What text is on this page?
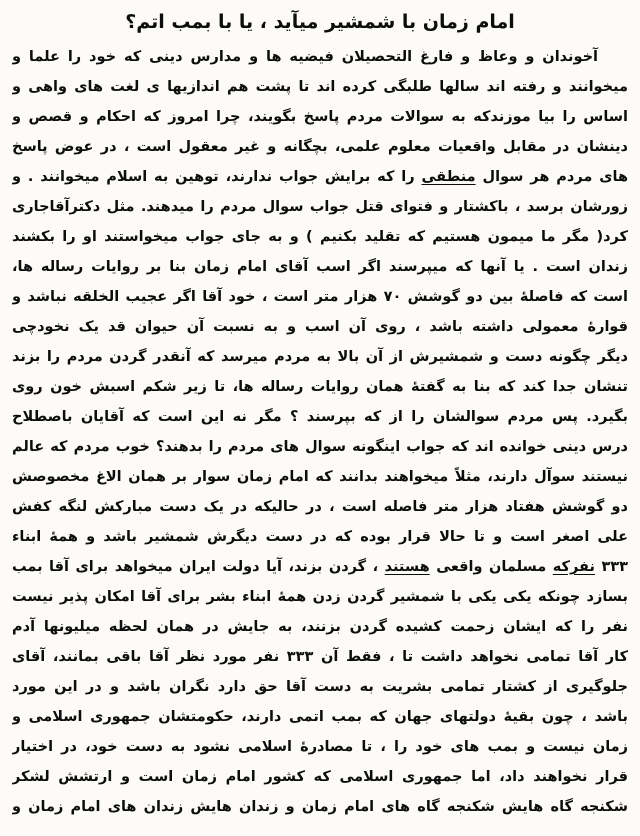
امام زمان با شمشیر میآید ، یا با بمب اتم؟
آخوندان و وعاظ و فارغ التحصیلان فیضیه ها و مدارس دینی که خود را علما و
میخوانند و رفته اند سالها طلبگی کرده اند تا پشت هم اندازیها ی لغت های واهی و
اساس را بیا موزندکه به سوالات مردم پاسخ بگویند، چرا امروز که احکام و قصص و
دینشان در مقابل واقعیات معلوم علمی، بچگانه و غیر معقول است ، در عوض پاسخ
های مردم هر سوال منطقی را که برایش جواب ندارند، توهین به اسلام میخوانند . و
زورشان برسد ، باکشتار و فتوای قتل جواب سوال مردم را میدهند. مثل دکترآقاجاری
کرد( مگر ما میمون هستیم که تقلید بکنیم ) و به جای جواب میخواستند او را بکشند
زندان است . یا آنها که میپرسند اگر اسب آقای امام زمان بنا بر روایات رساله ها،
است که فاصلهٔ بین دو گوشش ۷۰ هزار متر است ، خود آقا اگر عجیب الخلقه نباشد و
قوارهٔ معمولی داشته باشد ، روی آن اسب و به نسبت آن حیوان قد یک نخودچی
دیگر چگونه دست و شمشیرش از آن بالا به مردم میرسد که آنقدر گردن مردم را بزند
تنشان جدا کند که بنا به گفتهٔ همان روایات رساله ها، تا زیر شکم اسبش خون روی
بگیرد. پس مردم سوالشان را از که بپرسند ؟ مگر نه این است که آقایان باصطلاح
درس دینی خوانده اند که جواب اینگونه سوال های مردم را بدهند؟ خوب مردم که عالم
نیستند سوآل دارند، مثلاً میخواهند بدانند که امام زمان سوار بر همان الاغ مخصوصش
دو گوشش هفتاد هزار متر فاصله است ، در حالیکه در یک دست مبارکش لنگه کفش
علی اصغر است و تا حالا قرار بوده که در دست دیگرش شمشیر باشد و همهٔ ابناء
۳۳۳ نفرکه مسلمان واقعی هستند ، گردن بزند، آیا دولت ایران میخواهد برای آقا بمب
بسازد چونکه یکی یکی با شمشیر گردن زدن همهٔ ابناء بشر برای آقا امکان پذیر نیست
نفر را که ایشان زحمت کشیده گردن بزنند، به جایش در همان لحظه میلیونها آدم
کار آقا تمامی نخواهد داشت تا ، فقط آن ۳۳۳ نفر مورد نظر آقا باقی بمانند، آقای
جلوگیری از کشتار تمامی بشریت به دست آقا حق دارد نگران باشد و در این مورد
باشد ، چون بقیهٔ دولتهای جهان که بمب اتمی دارند، حکومتشان جمهوری اسلامی و
زمان نیست و بمب های خود را ، تا مصادرهٔ اسلامی نشود به دست خود، در اختیار
قرار نخواهند داد، اما جمهوری اسلامی که کشور امام زمان است و ارتشش لشکر
شکنجه گاه هایش شکنجه گاه های امام زمان و زندان هایش زندان های امام زمان و
